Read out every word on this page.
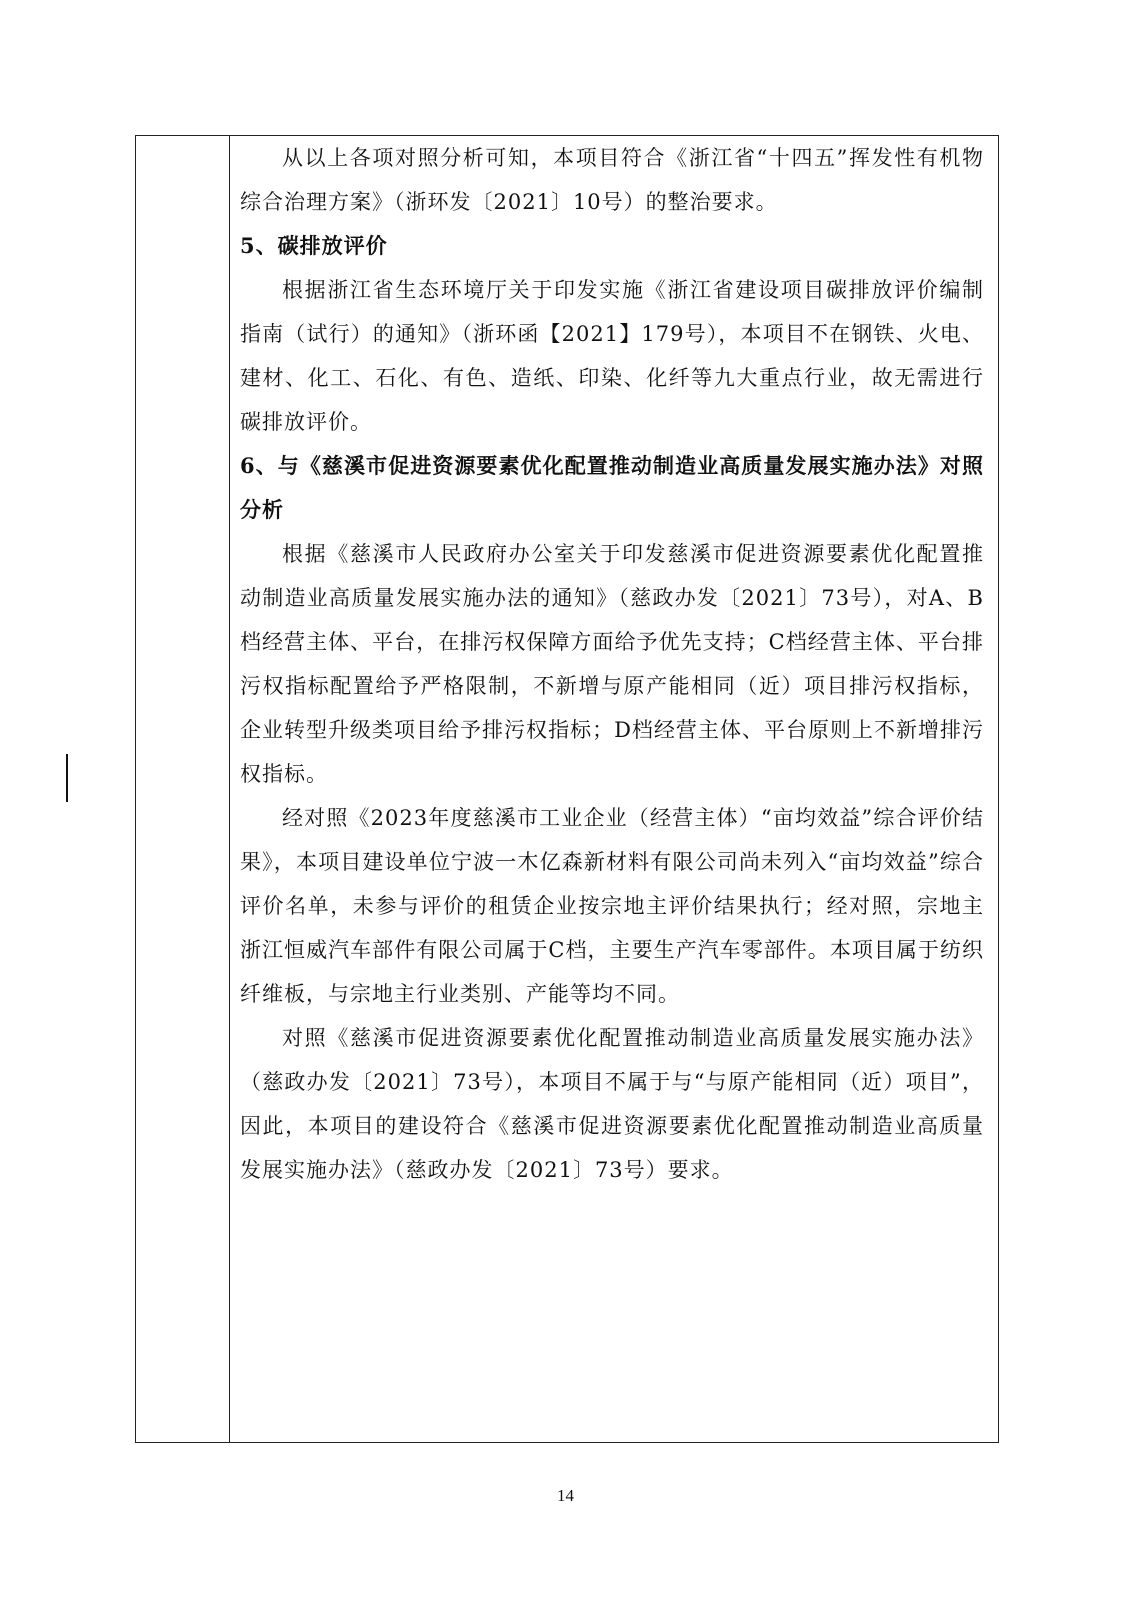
从以上各项对照分析可知，本项目符合《浙江省“十四五”挥发性有机物综合治理方案》（浙环发〔2021〕10号）的整治要求。

5、碳排放评价

根据浙江省生态环境厅关于印发实施《浙江省建设项目碳排放评价编制指南（试行）的通知》（浙环函【2021】179号），本项目不在钢铁、火电、建材、化工、石化、有色、造纸、印染、化纤等九大重点行业，故无需进行碳排放评价。

6、与《慈溪市促进资源要素优化配置推动制造业高质量发展实施办法》对照分析

根据《慈溪市人民政府办公室关于印发慈溪市促进资源要素优化配置推动制造业高质量发展实施办法的通知》（慈政办发〔2021〕73号），对A、B档经营主体、平台，在排污权保障方面给予优先支持；C档经营主体、平台排污权指标配置给予严格限制，不新增与原产能相同（近）项目排污权指标，企业转型升级类项目给予排污权指标；D档经营主体、平台原则上不新增排污权指标。

经对照《2023年度慈溪市工业企业（经营主体）“亩均效益”综合评价结果》，本项目建设单位宁波一木亿森新材料有限公司尚未列入“亩均效益”综合评价名单，未参与评价的租赁企业按宗地主评价结果执行；经对照，宗地主浙江恒威汽车部件有限公司属于C档，主要生产汽车零部件。本项目属于纺织纤维板，与宗地主行业类别、产能等均不同。

对照《慈溪市促进资源要素优化配置推动制造业高质量发展实施办法》（慈政办发〔2021〕73号），本项目不属于与“与原产能相同（近）项目”，因此，本项目的建设符合《慈溪市促进资源要素优化配置推动制造业高质量发展实施办法》（慈政办发〔2021〕73号）要求。

14
